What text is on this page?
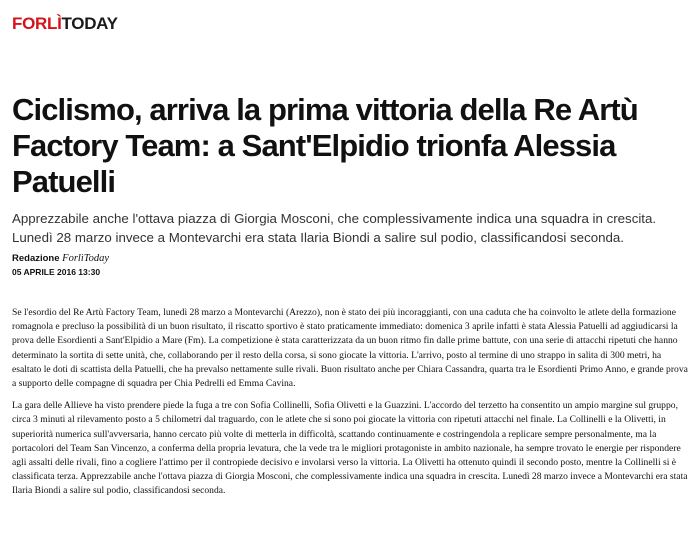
FORLÌTODAY
Ciclismo, arriva la prima vittoria della Re Artù Factory Team: a Sant'Elpidio trionfa Alessia Patuelli

Apprezzabile anche l'ottava piazza di Giorgia Mosconi, che complessivamente indica una squadra in crescita. Lunedì 28 marzo invece a Montevarchi era stata Ilaria Biondi a salire sul podio, classificandosi seconda.

Redazione ForlìToday
05 APRILE 2016 13:30

Se l'esordio del Re Artù Factory Team, lunedì 28 marzo a Montevarchi (Arezzo), non è stato dei più incoraggianti, con una caduta che ha coinvolto le atlete della formazione romagnola e precluso la possibilità di un buon risultato, il riscatto sportivo è stato praticamente immediato: domenica 3 aprile infatti è stata Alessia Patuelli ad aggiudicarsi la prova delle Esordienti a Sant'Elpidio a Mare (Fm). La competizione è stata caratterizzata da un buon ritmo fin dalle prime battute, con una serie di attacchi ripetuti che hanno determinato la sortita di sette unità, che, collaborando per il resto della corsa, si sono giocate la vittoria. L'arrivo, posto al termine di uno strappo in salita di 300 metri, ha esaltato le doti di scattista della Patuelli, che ha prevalso nettamente sulle rivali. Buon risultato anche per Chiara Cassandra, quarta tra le Esordienti Primo Anno, e grande prova a supporto delle compagne di squadra per Chia Pedrelli ed Emma Cavina.

La gara delle Allieve ha visto prendere piede la fuga a tre con Sofia Collinelli, Sofia Olivetti e la Guazzini. L'accordo del terzetto ha consentito un ampio margine sul gruppo, circa 3 minuti al rilevamento posto a 5 chilometri dal traguardo, con le atlete che si sono poi giocate la vittoria con ripetuti attacchi nel finale. La Collinelli e la Olivetti, in superiorità numerica sull'avversaria, hanno cercato più volte di metterla in difficoltà, scattando continuamente e costringendola a replicare sempre personalmente, ma la portacolori del Team San Vincenzo, a conferma della propria levatura, che la vede tra le migliori protagoniste in ambito nazionale, ha sempre trovato le energie per rispondere agli assalti delle rivali, fino a cogliere l'attimo per il contropiede decisivo e involarsi verso la vittoria. La Olivetti ha ottenuto quindi il secondo posto, mentre la Collinelli si è classificata terza. Apprezzabile anche l'ottava piazza di Giorgia Mosconi, che complessivamente indica una squadra in crescita. Lunedì 28 marzo invece a Montevarchi era stata Ilaria Biondi a salire sul podio, classificandosi seconda.
